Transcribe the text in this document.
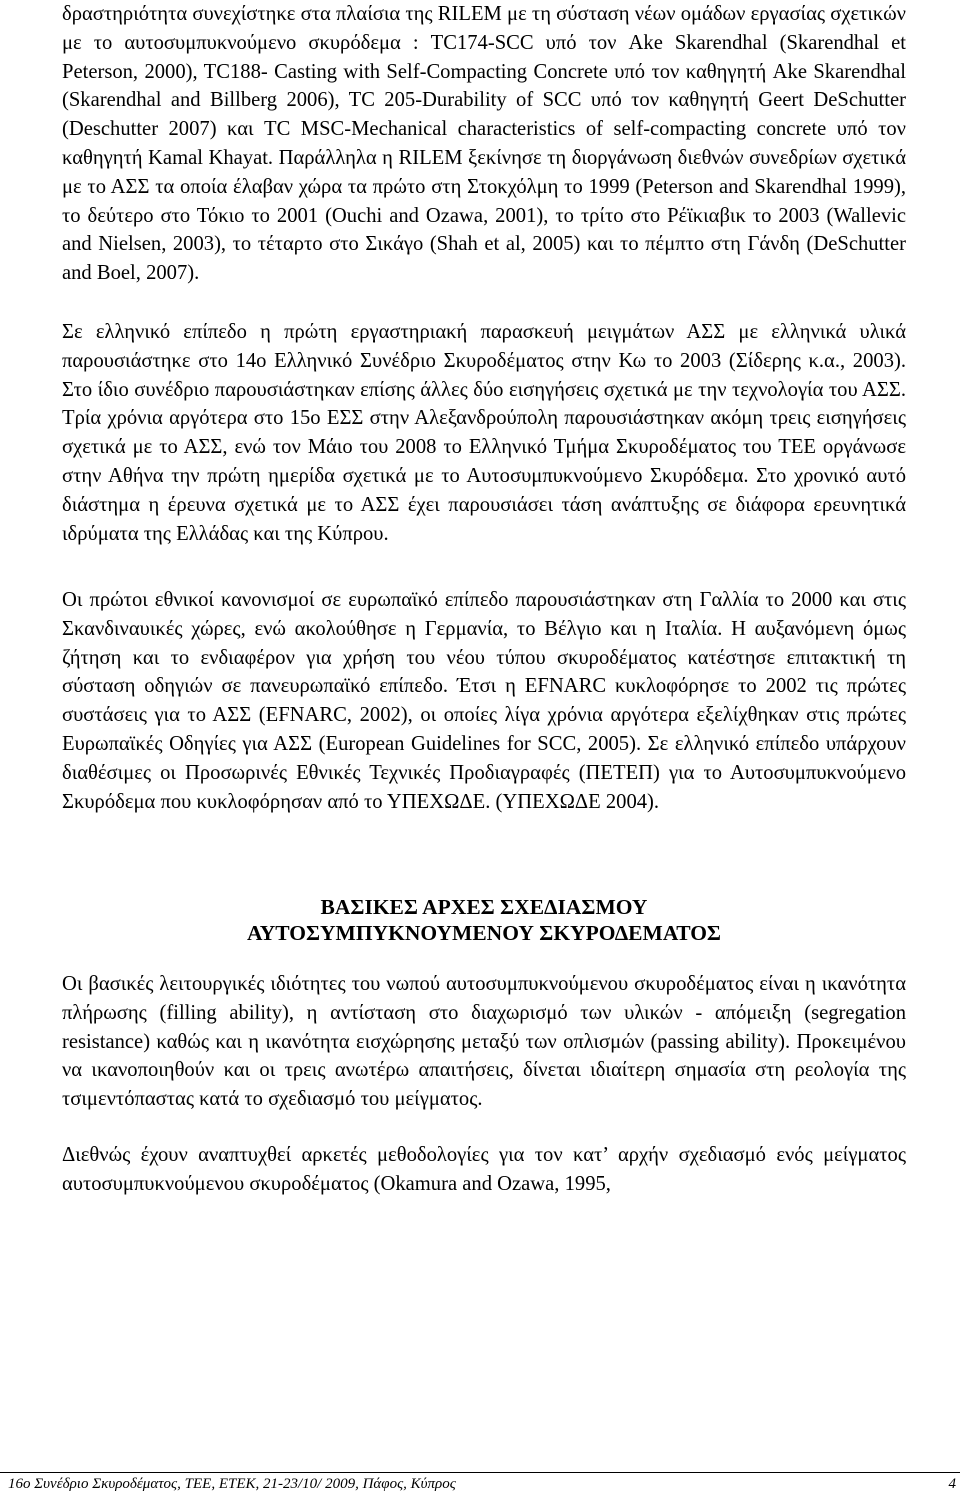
δραστηριότητα συνεχίστηκε στα πλαίσια της RILEM με τη σύσταση νέων ομάδων εργασίας σχετικών με το αυτοσυμπυκνούμενο σκυρόδεμα : TC174-SCC υπό τον Ake Skarendhal (Skarendhal et Peterson, 2000), TC188- Casting with Self-Compacting Concrete υπό τον καθηγητή Ake Skarendhal (Skarendhal and Billberg 2006), TC 205-Durability of SCC υπό τον καθηγητή Geert DeSchutter (Deschutter 2007) και TC MSC-Mechanical characteristics of self-compacting concrete υπό τον καθηγητή Kamal Khayat. Παράλληλα η RILEM ξεκίνησε τη διοργάνωση διεθνών συνεδρίων σχετικά με το ΑΣΣ τα οποία έλαβαν χώρα τα πρώτο στη Στοκχόλμη το 1999 (Peterson and Skarendhal 1999), το δεύτερο στο Τόκιο το 2001 (Ouchi and Ozawa, 2001), το τρίτο στο Ρέϊκιαβικ το 2003 (Wallevic and Nielsen, 2003), το τέταρτο στο Σικάγο (Shah et al, 2005) και το πέμπτο στη Γάνδη (DeSchutter and Boel, 2007).

Σε ελληνικό επίπεδο η πρώτη εργαστηριακή παρασκευή μειγμάτων ΑΣΣ με ελληνικά υλικά παρουσιάστηκε στο 14ο Ελληνικό Συνέδριο Σκυροδέματος στην Κω το 2003 (Σίδερης κ.α., 2003). Στο ίδιο συνέδριο παρουσιάστηκαν επίσης άλλες δύο εισηγήσεις σχετικά με την τεχνολογία του ΑΣΣ. Τρία χρόνια αργότερα στο 15ο ΕΣΣ στην Αλεξανδρούπολη παρουσιάστηκαν ακόμη τρεις εισηγήσεις σχετικά με το ΑΣΣ, ενώ τον Μάιο του 2008 το Ελληνικό Τμήμα Σκυροδέματος του ΤΕΕ οργάνωσε στην Αθήνα την πρώτη ημερίδα σχετικά με το Αυτοσυμπυκνούμενο Σκυρόδεμα. Στο χρονικό αυτό διάστημα η έρευνα σχετικά με το ΑΣΣ έχει παρουσιάσει τάση ανάπτυξης σε διάφορα ερευνητικά ιδρύματα της Ελλάδας και της Κύπρου.

Οι πρώτοι εθνικοί κανονισμοί σε ευρωπαϊκό επίπεδο παρουσιάστηκαν στη Γαλλία το 2000 και στις Σκανδιναυικές χώρες, ενώ ακολούθησε η Γερμανία, το Βέλγιο και η Ιταλία. Η αυξανόμενη όμως ζήτηση και το ενδιαφέρον για χρήση του νέου τύπου σκυροδέματος κατέστησε επιτακτική τη σύσταση οδηγιών σε πανευρωπαϊκό επίπεδο. Έτσι η EFNARC κυκλοφόρησε το 2002 τις πρώτες συστάσεις για το ΑΣΣ (EFNARC, 2002), οι οποίες λίγα χρόνια αργότερα εξελίχθηκαν στις πρώτες Ευρωπαϊκές Οδηγίες για ΑΣΣ (European Guidelines for SCC, 2005). Σε ελληνικό επίπεδο υπάρχουν διαθέσιμες οι Προσωρινές Εθνικές Τεχνικές Προδιαγραφές (ΠΕΤΕΠ) για το Αυτοσυμπυκνούμενο Σκυρόδεμα που κυκλοφόρησαν από το ΥΠΕΧΩΔΕ. (ΥΠΕΧΩΔΕ 2004).

ΒΑΣΙΚΕΣ ΑΡΧΕΣ ΣΧΕΔΙΑΣΜΟΥ
ΑΥΤΟΣΥΜΠΥΚΝΟΥΜΕΝΟΥ ΣΚΥΡΟΔΕΜΑΤΟΣ

Οι βασικές λειτουργικές ιδιότητες του νωπού αυτοσυμπυκνούμενου σκυροδέματος είναι η ικανότητα πλήρωσης (filling ability), η αντίσταση στο διαχωρισμό των υλικών - απόμειξη (segregation resistance) καθώς και η ικανότητα εισχώρησης μεταξύ των οπλισμών (passing ability). Προκειμένου να ικανοποιηθούν και οι τρεις ανωτέρω απαιτήσεις, δίνεται ιδιαίτερη σημασία στη ρεολογία της τσιμεντόπαστας κατά το σχεδιασμό του μείγματος.

Διεθνώς έχουν αναπτυχθεί αρκετές μεθοδολογίες για τον κατ’ αρχήν σχεδιασμό ενός μείγματος αυτοσυμπυκνούμενου σκυροδέματος (Okamura and Ozawa, 1995,

16ο Συνέδριο Σκυροδέματος, ΤΕΕ, ΕΤΕΚ, 21-23/10/ 2009, Πάφος, Κύπρος	4
